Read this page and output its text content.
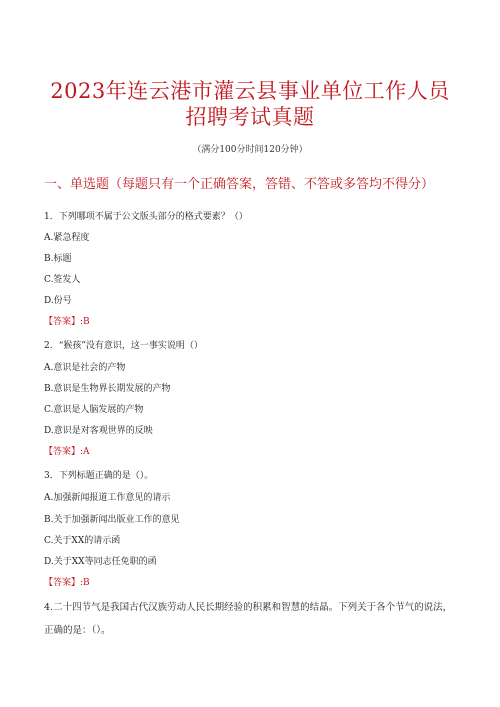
2023年连云港市灌云县事业单位工作人员
招聘考试真题
（满分100分时间120分钟）
一、单选题（每题只有一个正确答案，答错、不答或多答均不得分）
1．下列哪项不属于公文版头部分的格式要素？（）
A.紧急程度
B.标题
C.签发人
D.份号
【答案】:B
2．“猴孩”没有意识，这一事实说明（）
A.意识是社会的产物
B.意识是生物界长期发展的产物
C.意识是人脑发展的产物
D.意识是对客观世界的反映
【答案】:A
3．下列标题正确的是（）。
A.加强新闻报道工作意见的请示
B.关于加强新闻出版业工作的意见
C.关于XX的请示函
D.关于XX等同志任免职的函
【答案】:B
4.二十四节气是我国古代汉族劳动人民长期经验的积累和智慧的结晶。下列关于各个节气的说法，正确的是：（）。
